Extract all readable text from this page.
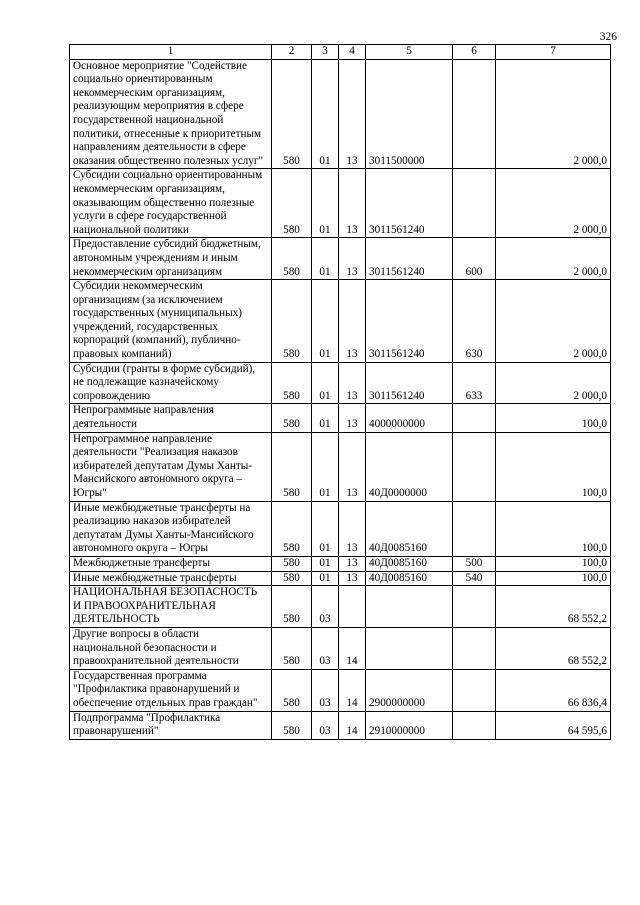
326
1	2	3	4	5	6	7
Основное мероприятие "Содействие социально ориентированным некоммерческим организациям, реализующим мероприятия в сфере государственной национальной политики, отнесенные к приоритетным направлениям деятельности в сфере оказания общественно полезных услуг"	580	01	13	3011500000		2 000,0
Субсидии социально ориентированным некоммерческим организациям, оказывающим общественно полезные услуги в сфере государственной национальной политики	580	01	13	3011561240		2 000,0
Предоставление субсидий бюджетным, автономным учреждениям и иным некоммерческим организациям	580	01	13	3011561240	600	2 000,0
Субсидии некоммерческим организациям (за исключением государственных (муниципальных) учреждений, государственных корпораций (компаний), публично-правовых компаний)	580	01	13	3011561240	630	2 000,0
Субсидии (гранты в форме субсидий), не подлежащие казначейскому сопровождению	580	01	13	3011561240	633	2 000,0
Непрограммные направления деятельности	580	01	13	4000000000		100,0
Непрограммное направление деятельности "Реализация наказов избирателей депутатам Думы Ханты-Мансийского автономного округа – Югры"	580	01	13	40Д0000000		100,0
Иные межбюджетные трансферты на реализацию наказов избирателей депутатам Думы Ханты-Мансийского автономного округа – Югры	580	01	13	40Д0085160		100,0
Межбюджетные трансферты	580	01	13	40Д0085160	500	100,0
Иные межбюджетные трансферты	580	01	13	40Д0085160	540	100,0
НАЦИОНАЛЬНАЯ БЕЗОПАСНОСТЬ И ПРАВООХРАНИТЕЛЬНАЯ ДЕЯТЕЛЬНОСТЬ	580	03				68 552,2
Другие вопросы в области национальной безопасности и правоохранительной деятельности	580	03	14			68 552,2
Государственная программа "Профилактика правонарушений и обеспечение отдельных прав граждан"	580	03	14	2900000000		66 836,4
Подпрограмма "Профилактика правонарушений"	580	03	14	2910000000		64 595,6
